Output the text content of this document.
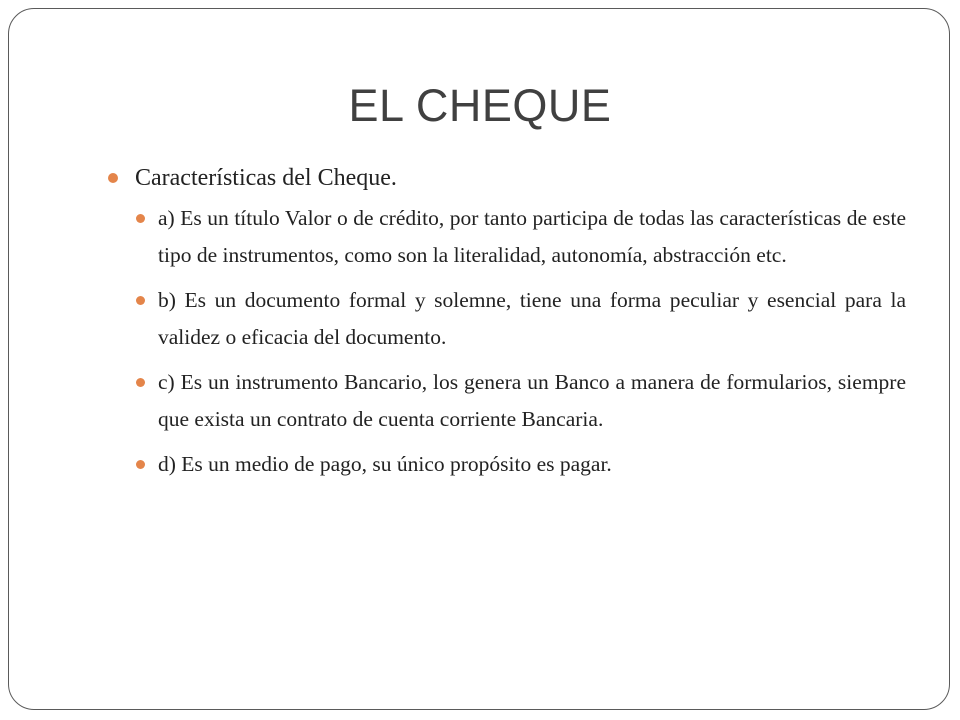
EL CHEQUE
Características del Cheque.
a) Es un título Valor o de crédito, por tanto participa de todas las características de este tipo de instrumentos, como son la literalidad, autonomía, abstracción etc.
b) Es un documento formal y solemne, tiene una forma peculiar y esencial para la validez o eficacia del documento.
c) Es un instrumento Bancario, los genera un Banco a manera de formularios, siempre que exista un contrato de cuenta corriente Bancaria.
d) Es un medio de pago, su único propósito es pagar.
